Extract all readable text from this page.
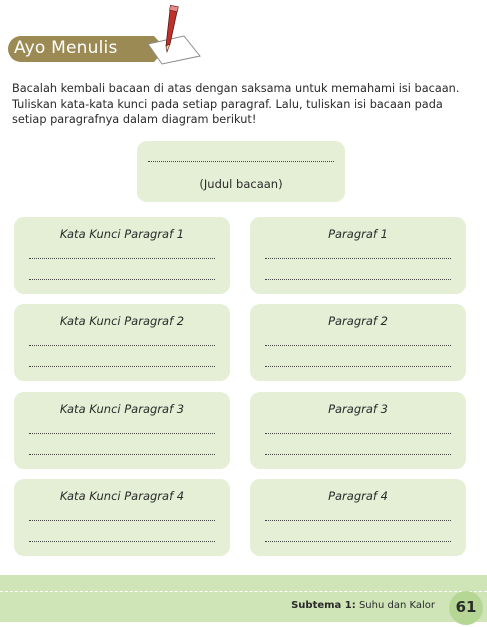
Ayo Menulis

Bacalah kembali bacaan di atas dengan saksama untuk memahami isi bacaan.

Tuliskan kata-kata kunci pada setiap paragraf. Lalu, tuliskan isi bacaan pada

setiap paragrafnya dalam diagram berikut!

(Judul bacaan)
Kata Kunci Paragraf 1
Kata Kunci Paragraf 2
Kata Kunci Paragraf 3
Kata Kunci Paragraf 4
Paragraf 1
Paragraf 2
Paragraf 3
Paragraf 4
Subtema 1: Suhu dan Kalor	61
